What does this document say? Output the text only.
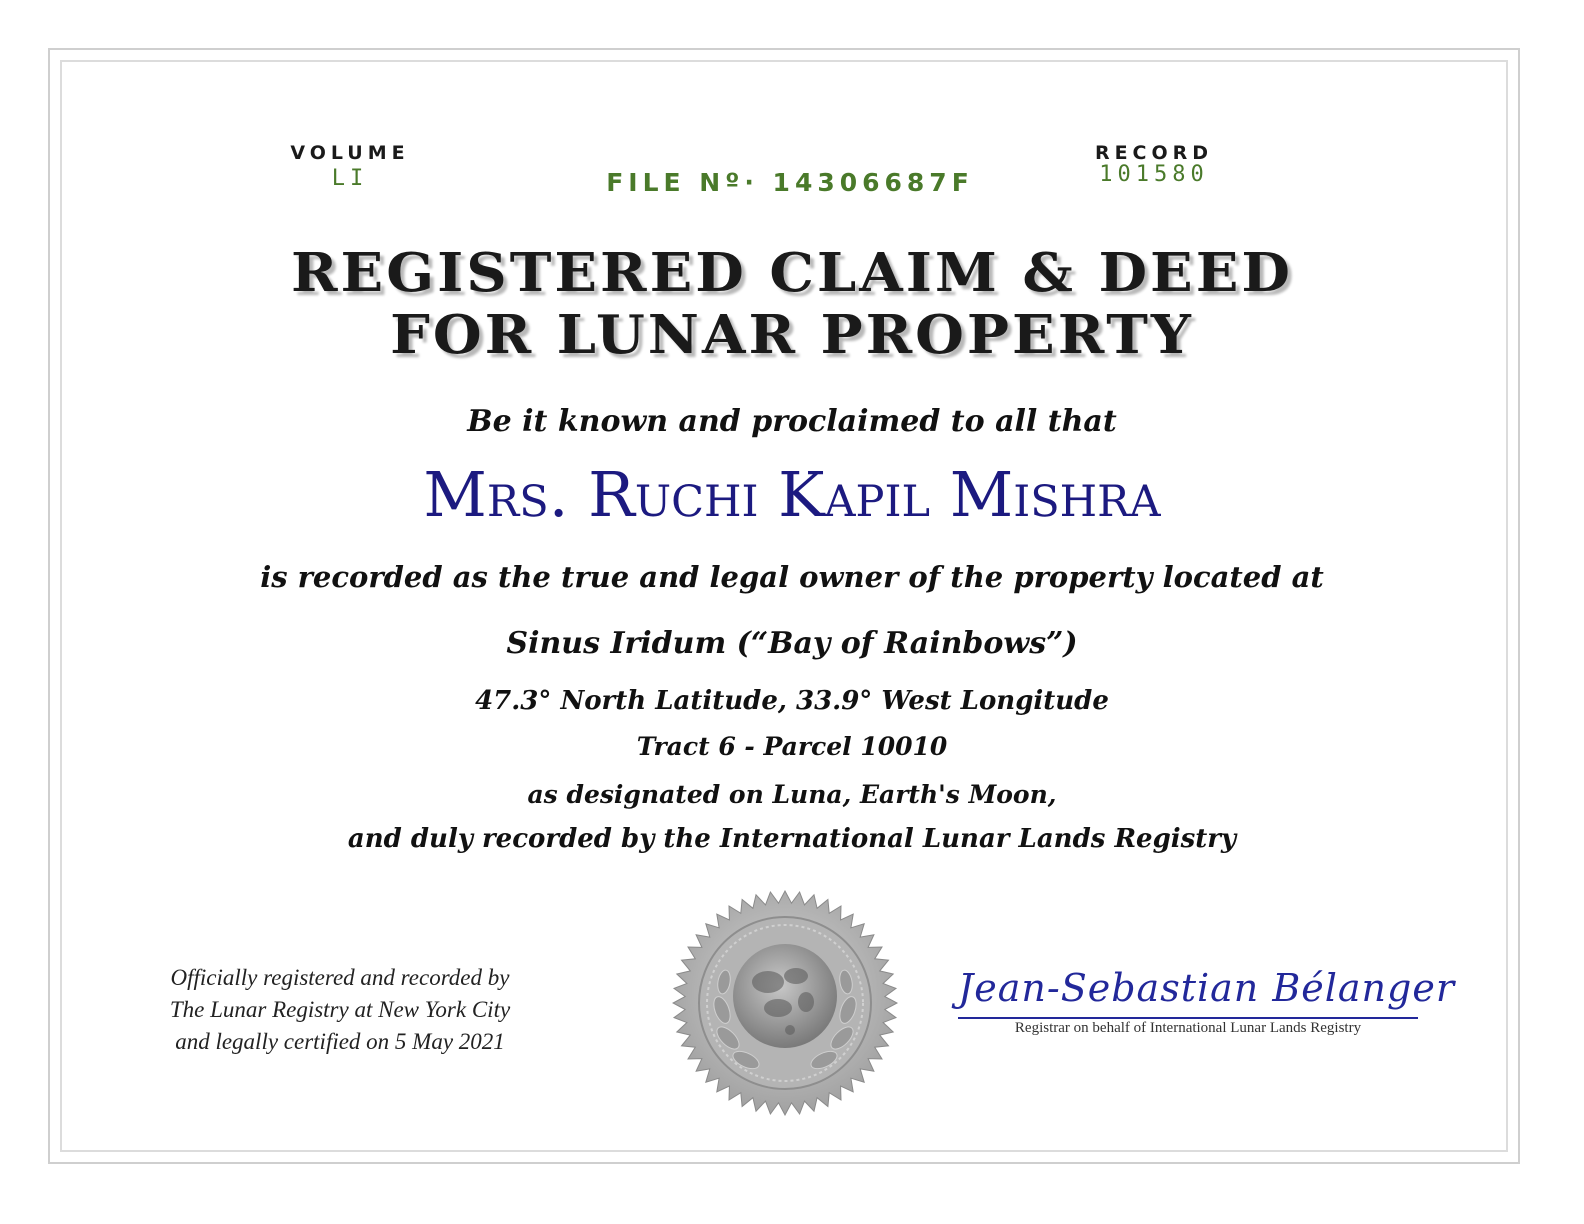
VOLUME
LI	FILE Nº· 14306687F
RECORD
101580
REGISTERED CLAIM & DEED
FOR LUNAR PROPERTY
Be it known and proclaimed to all that
Mrs. Ruchi Kapil Mishra
is recorded as the true and legal owner of the property located at
Sinus Iridum (“Bay of Rainbows”)
47.3° North Latitude, 33.9° West Longitude
Tract 6 - Parcel 10010
as designated on Luna, Earth's Moon,
and duly recorded by the International Lunar Lands Registry
Officially registered and recorded by
The Lunar Registry at New York City
and legally certified on 5 May 2021
Jean-Sebastian Bélanger
Registrar on behalf of International Lunar Lands Registry
